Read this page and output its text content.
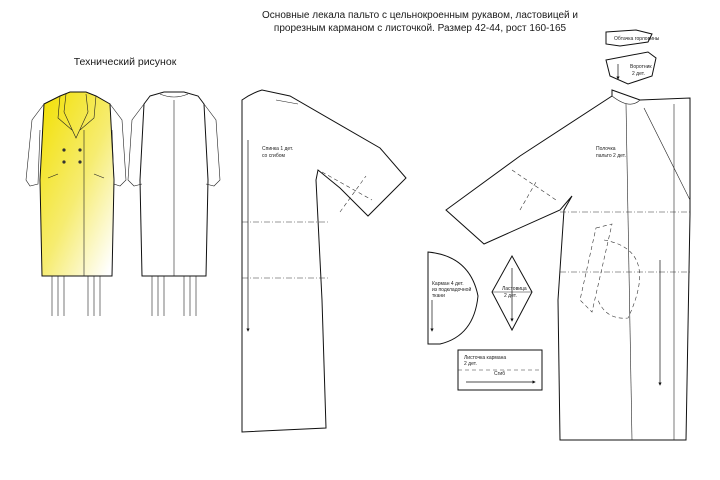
Основные лекала пальто с цельнокроенным рукавом, ластовицей и
прорезным карманом с листочкой. Размер 42-44, рост 160-165
Технический рисунок
Спинка 1 дет.
со сгибом
Полочка
пальто 2 дет.
Обтачка горловины
Воротник
2 дет.
Карман 4 дет.
из подкладочной
ткани
Ластовица
2 дет.
Листочка кармана
2 дет.
Сгиб
